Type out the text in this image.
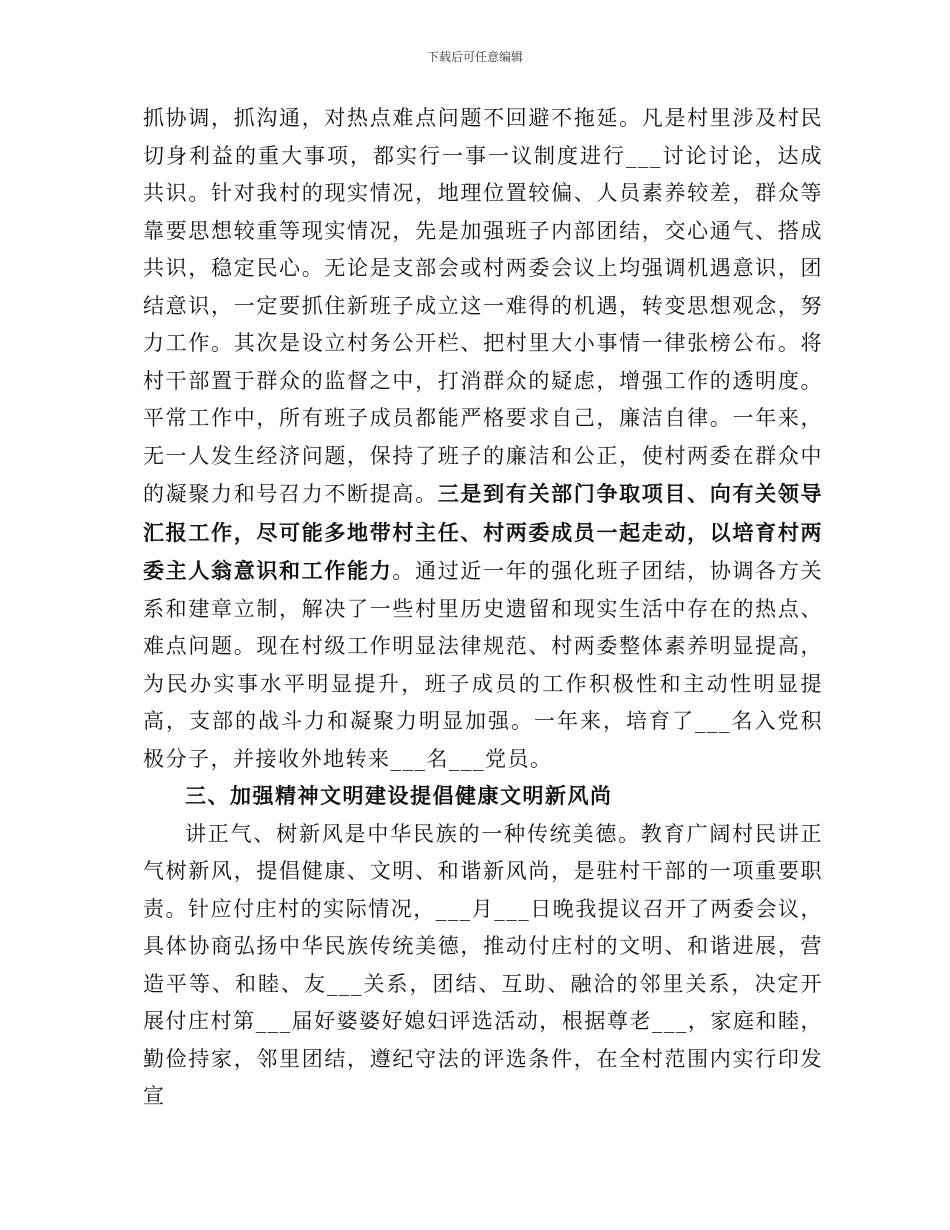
下载后可任意编辑

抓协调，抓沟通，对热点难点问题不回避不拖延。凡是村里涉及村民切身利益的重大事项，都实行一事一议制度进行___讨论讨论，达成共识。针对我村的现实情况，地理位置较偏、人员素养较差，群众等靠要思想较重等现实情况，先是加强班子内部团结，交心通气、搭成共识，稳定民心。无论是支部会或村两委会议上均强调机遇意识，团结意识，一定要抓住新班子成立这一难得的机遇，转变思想观念，努力工作。其次是设立村务公开栏、把村里大小事情一律张榜公布。将村干部置于群众的监督之中，打消群众的疑虑，增强工作的透明度。平常工作中，所有班子成员都能严格要求自己，廉洁自律。一年来，无一人发生经济问题，保持了班子的廉洁和公正，使村两委在群众中的凝聚力和号召力不断提高。三是到有关部门争取项目、向有关领导汇报工作，尽可能多地带村主任、村两委成员一起走动，以培育村两委主人翁意识和工作能力。通过近一年的强化班子团结，协调各方关系和建章立制，解决了一些村里历史遗留和现实生活中存在的热点、难点问题。现在村级工作明显法律规范、村两委整体素养明显提高，为民办实事水平明显提升，班子成员的工作积极性和主动性明显提高，支部的战斗力和凝聚力明显加强。一年来，培育了___名入党积极分子，并接收外地转来___名___党员。

三、加强精神文明建设提倡健康文明新风尚

讲正气、树新风是中华民族的一种传统美德。教育广阔村民讲正气树新风，提倡健康、文明、和谐新风尚，是驻村干部的一项重要职责。针应付庄村的实际情况，___月___日晚我提议召开了两委会议，具体协商弘扬中华民族传统美德，推动付庄村的文明、和谐进展，营造平等、和睦、友___关系，团结、互助、融洽的邻里关系，决定开展付庄村第___届好婆婆好媳妇评选活动，根据尊老___，家庭和睦，勤俭持家，邻里团结，遵纪守法的评选条件，在全村范围内实行印发宣
